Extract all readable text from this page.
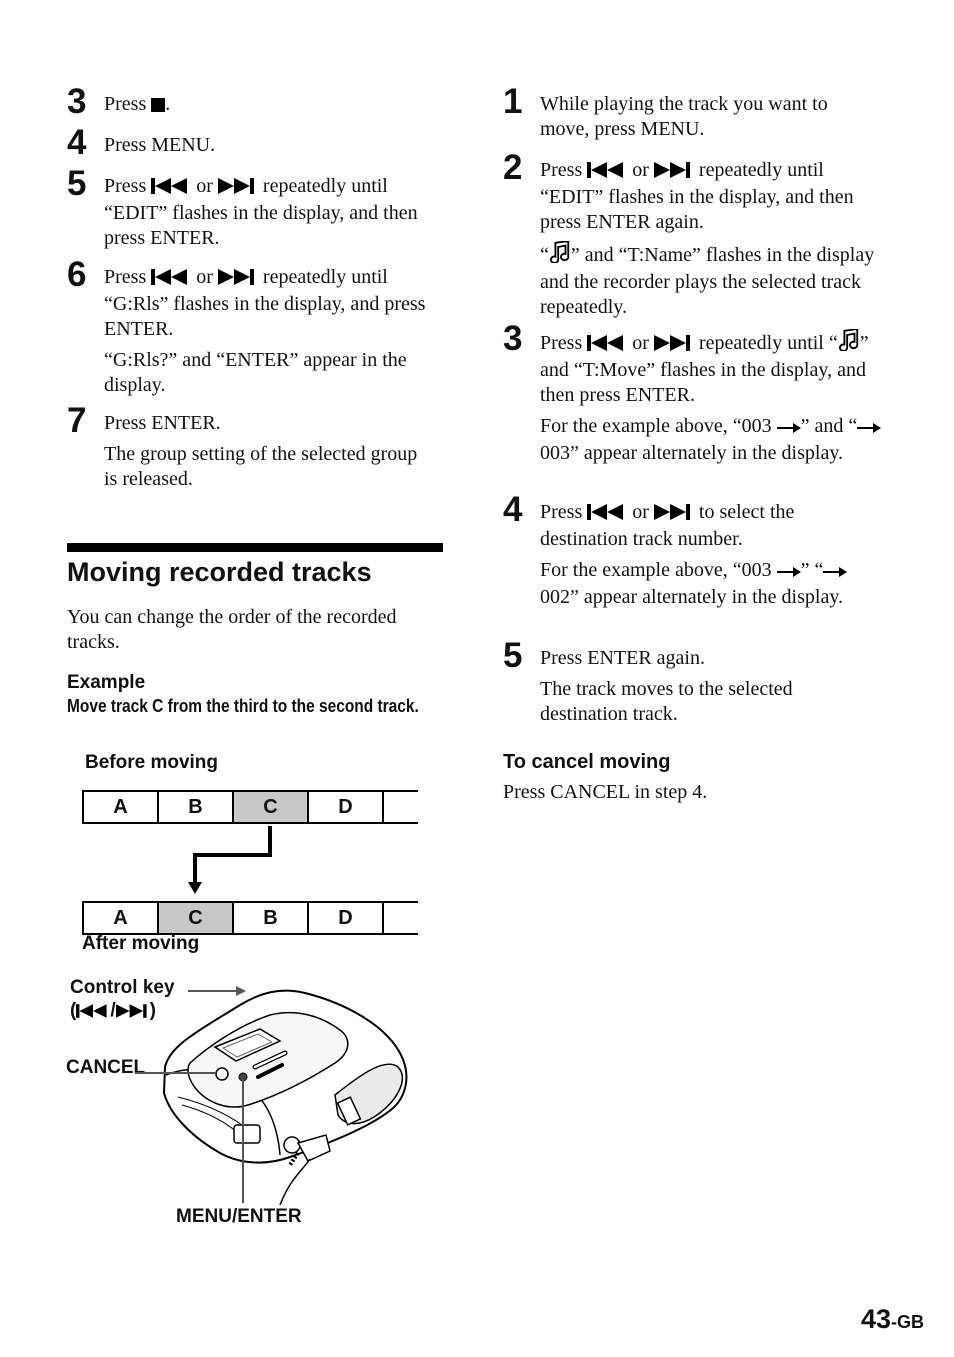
3 Press .

4 Press MENU.

5 Press  or  repeatedly until “EDIT” flashes in the display, and then press ENTER.

6 Press  or  repeatedly until “G:Rls” flashes in the display, and press ENTER.

“G:Rls?” and “ENTER” appear in the display.

7 Press ENTER.

The group setting of the selected group is released.

Moving recorded tracks

You can change the order of the recorded tracks.

Example
Move track C from the third to the second track.
Before moving
A	B	C	D
A	C	B	D
After moving
Control key
( / )
CANCEL
MENU/ENTER
1 While playing the track you want to move, press MENU.

2 Press  or  repeatedly until “EDIT” flashes in the display, and then press ENTER again.

“ ” and “T:Name” flashes in the display and the recorder plays the selected track repeatedly.

3 Press  or  repeatedly until “ ” and “T:Move” flashes in the display, and then press ENTER.

For the example above, “003 ” and “ 003” appear alternately in the display.

4 Press  or  to select the destination track number.

For the example above, “003 ” “ 002” appear alternately in the display.

5 Press ENTER again.

The track moves to the selected destination track.

To cancel moving

Press CANCEL in step 4.

43-GB
